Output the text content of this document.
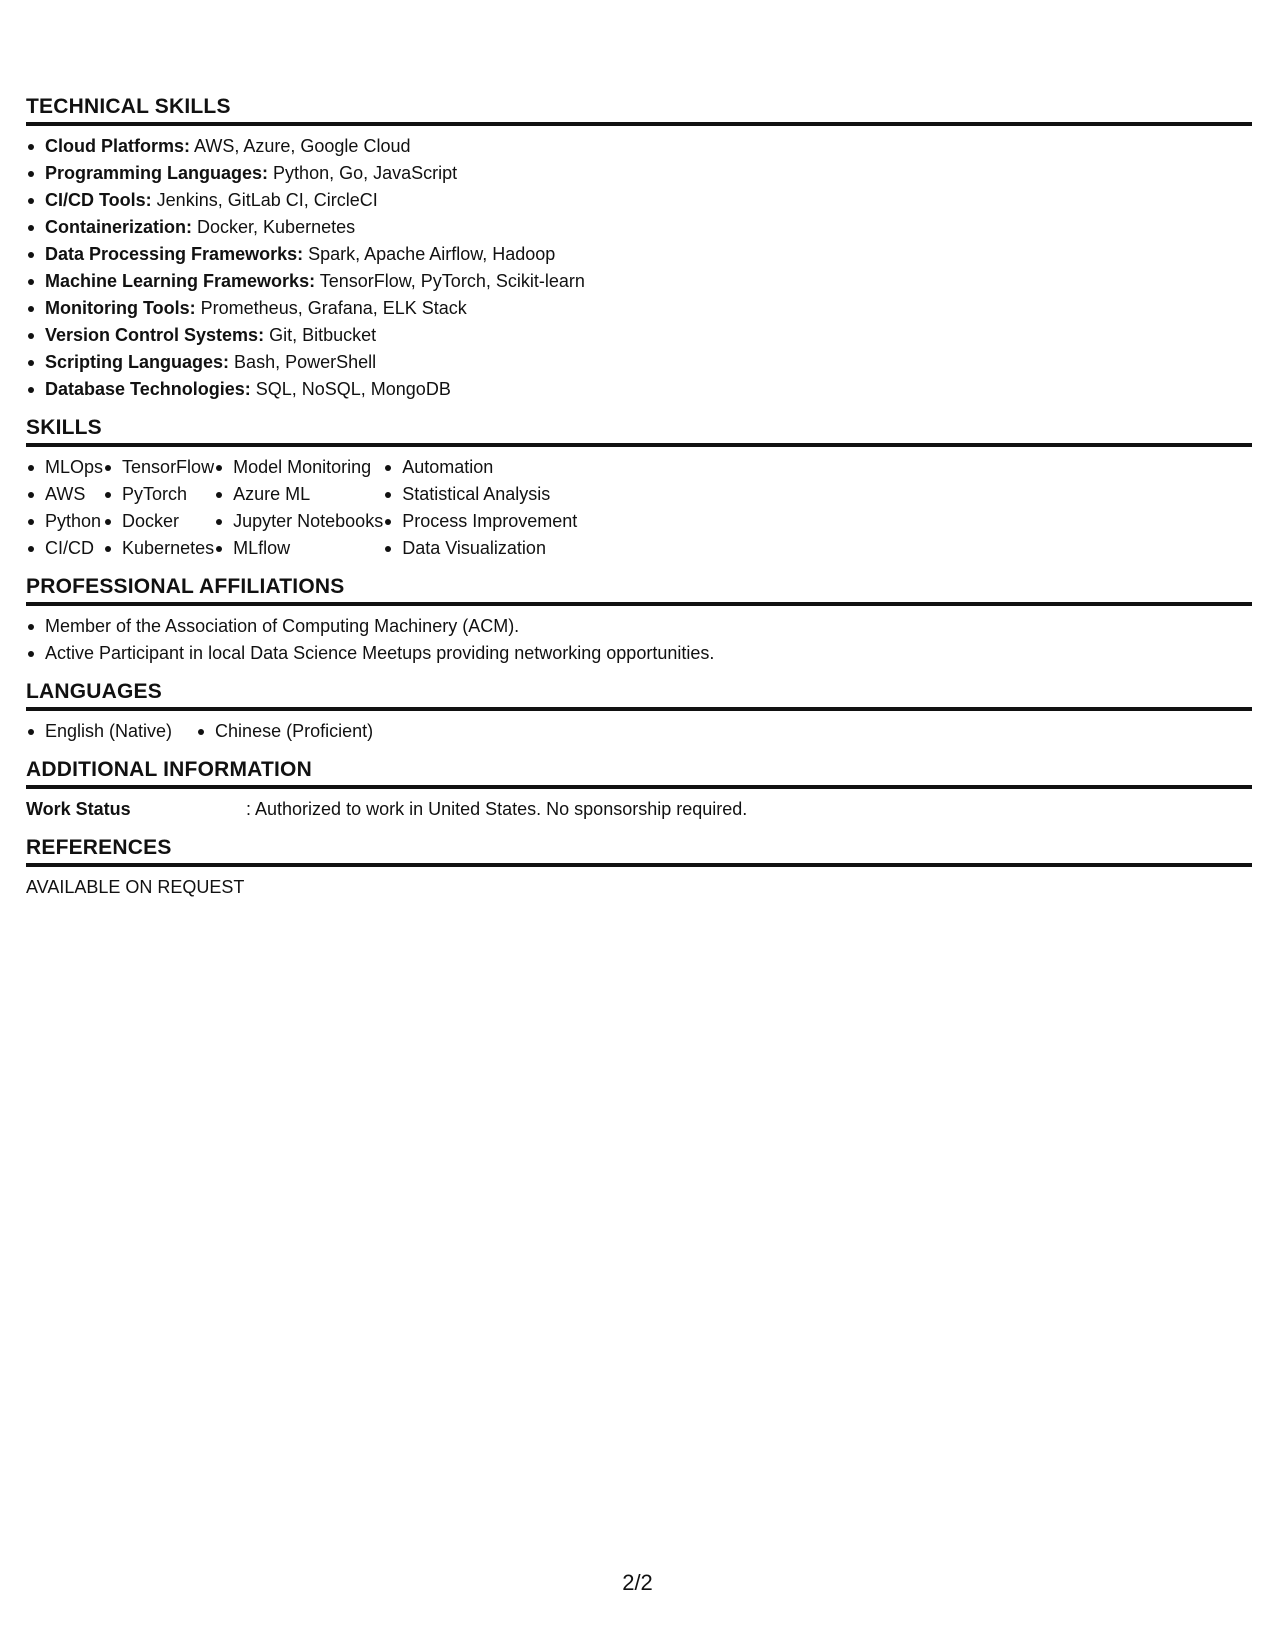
TECHNICAL SKILLS
Cloud Platforms: AWS, Azure, Google Cloud
Programming Languages: Python, Go, JavaScript
CI/CD Tools: Jenkins, GitLab CI, CircleCI
Containerization: Docker, Kubernetes
Data Processing Frameworks: Spark, Apache Airflow, Hadoop
Machine Learning Frameworks: TensorFlow, PyTorch, Scikit-learn
Monitoring Tools: Prometheus, Grafana, ELK Stack
Version Control Systems: Git, Bitbucket
Scripting Languages: Bash, PowerShell
Database Technologies: SQL, NoSQL, MongoDB
SKILLS
MLOps
AWS
Python
CI/CD
TensorFlow
PyTorch
Docker
Kubernetes
Model Monitoring
Azure ML
Jupyter Notebooks
MLflow
Automation
Statistical Analysis
Process Improvement
Data Visualization
PROFESSIONAL AFFILIATIONS
Member of the Association of Computing Machinery (ACM).
Active Participant in local Data Science Meetups providing networking opportunities.
LANGUAGES
English (Native)	Chinese (Proficient)
ADDITIONAL INFORMATION
Work Status	: Authorized to work in United States. No sponsorship required.
REFERENCES
AVAILABLE ON REQUEST
2/2
